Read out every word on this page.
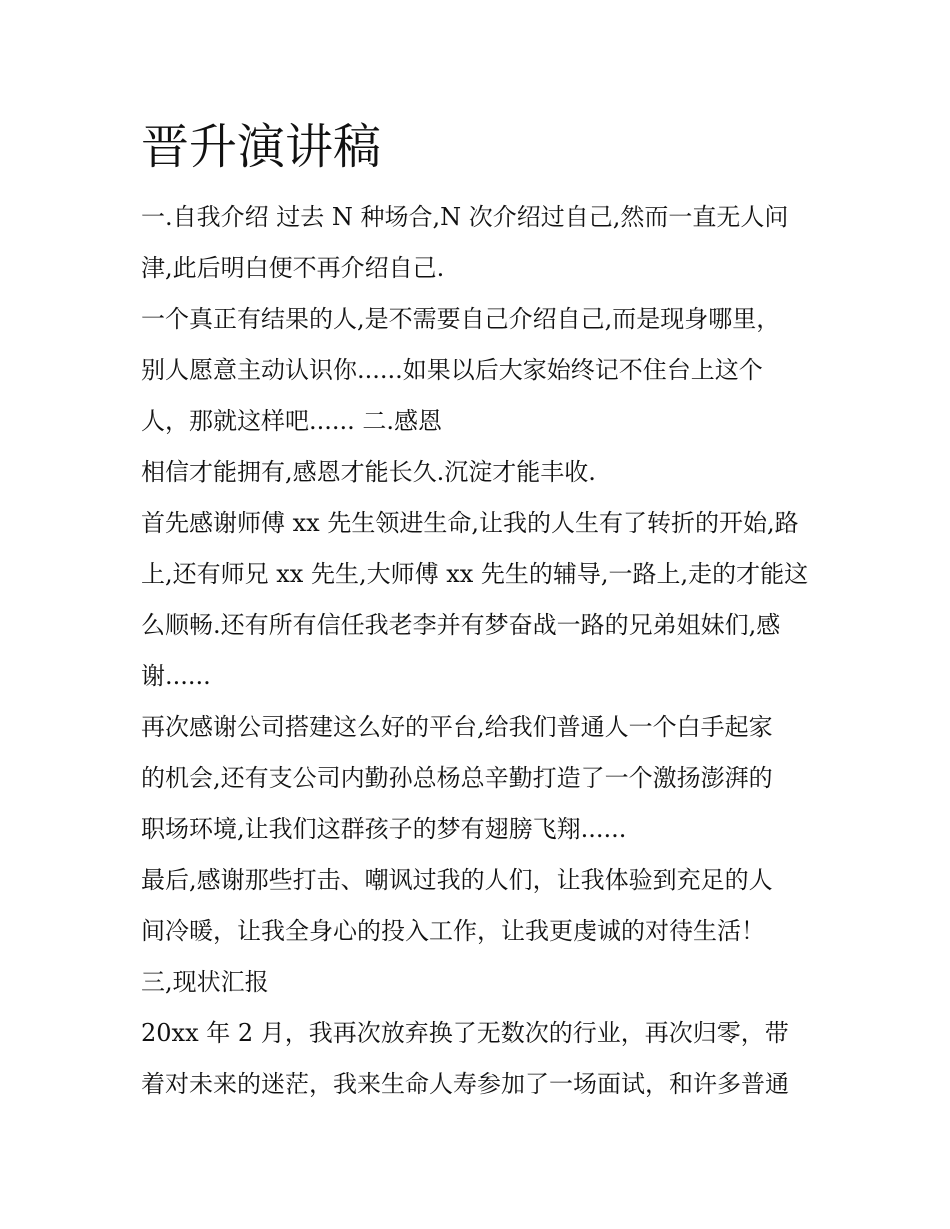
晋升演讲稿
一.自我介绍 过去 N 种场合,N 次介绍过自己,然而一直无人问
津,此后明白便不再介绍自己.
一个真正有结果的人,是不需要自己介绍自己,而是现身哪里，
别人愿意主动认识你......如果以后大家始终记不住台上这个
人，那就这样吧...... 二.感恩
相信才能拥有,感恩才能长久.沉淀才能丰收.
首先感谢师傅 xx 先生领进生命,让我的人生有了转折的开始,路
上,还有师兄 xx 先生,大师傅 xx 先生的辅导,一路上,走的才能这
么顺畅.还有所有信任我老李并有梦奋战一路的兄弟姐妹们,感
谢......
再次感谢公司搭建这么好的平台,给我们普通人一个白手起家
的机会,还有支公司内勤孙总杨总辛勤打造了一个激扬澎湃的
职场环境,让我们这群孩子的梦有翅膀飞翔......
最后,感谢那些打击、嘲讽过我的人们，让我体验到充足的人
间冷暖，让我全身心的投入工作，让我更虔诚的对待生活！
三,现状汇报
20xx 年 2 月，我再次放弃换了无数次的行业，再次归零，带
着对未来的迷茫，我来生命人寿参加了一场面试，和许多普通
